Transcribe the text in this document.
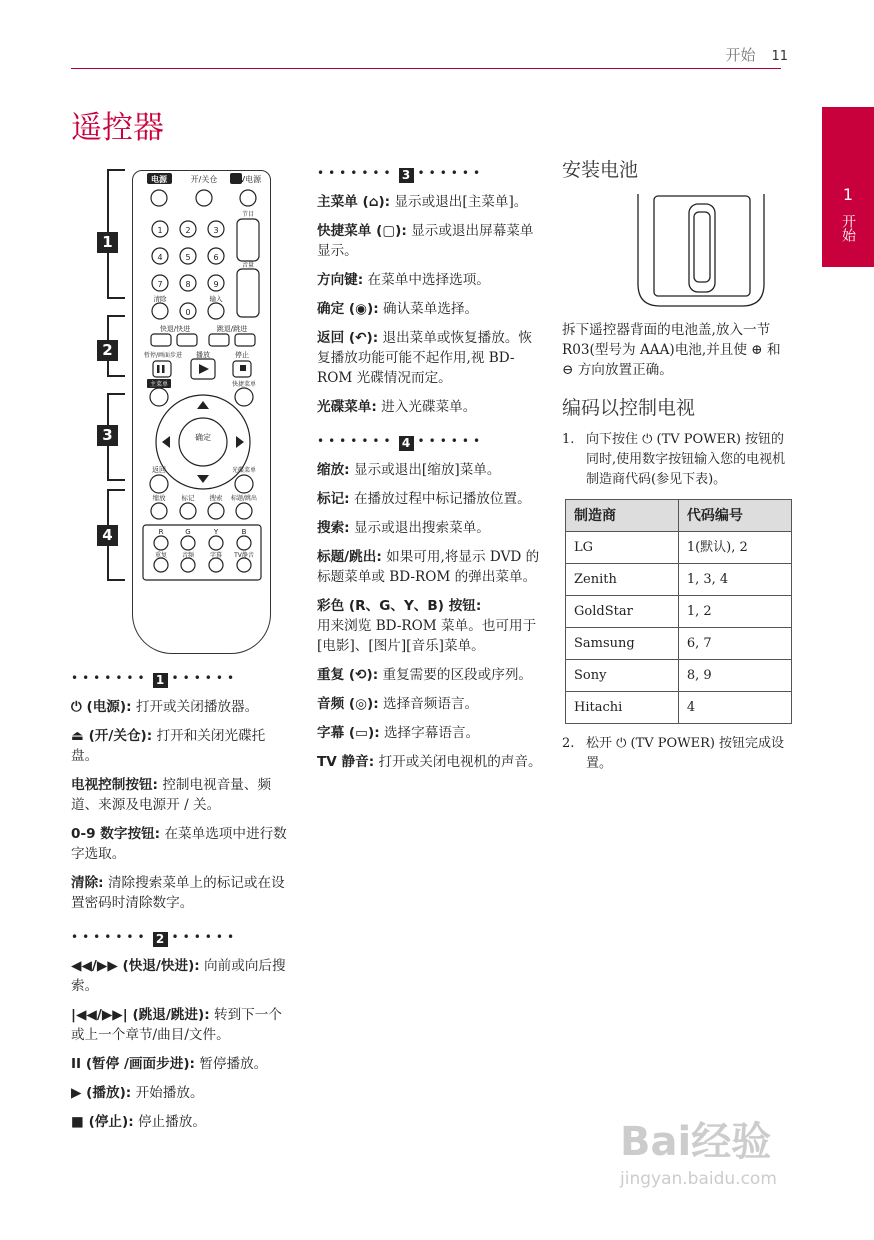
开始 11
遥控器
1
开始
1
2
3
4
电源	开/关仓 TV电源
节目
音量
1	2	3
4	5	6
7	8	9
0
清除	输入
快退/快进	跳退/跳进
暂停/画面步进 播放	停止
主菜单	快捷菜单
确定
返回	光碟菜单
缩放 标记 搜索 标题/跳出
R	G	Y	B
重复 音频	字幕 TV静音
••••••• 1 ••••••

⏻ (电源): 打开或关闭播放器。

⏏ (开/关仓): 打开和关闭光碟托盘。

电视控制按钮: 控制电视音量、频道、来源及电源开 / 关。

0-9 数字按钮: 在菜单选项中进行数字选取。

清除: 清除搜索菜单上的标记或在设置密码时清除数字。

••••••• 2 ••••••

◀◀/▶▶ (快退/快进): 向前或向后搜索。

|◀◀/▶▶| (跳退/跳进): 转到下一个或上一个章节/曲目/文件。

II (暂停 /画面步进): 暂停播放。

▶ (播放): 开始播放。

■ (停止): 停止播放。

••••••• 3 ••••••

主菜单 (⌂): 显示或退出[主菜单]。

快捷菜单 (▢): 显示或退出屏幕菜单显示。

方向键: 在菜单中选择选项。

确定 (◉): 确认菜单选择。

返回 (↶): 退出菜单或恢复播放。恢复播放功能可能不起作用,视 BD-ROM 光碟情况而定。

光碟菜单: 进入光碟菜单。

••••••• 4 ••••••

缩放: 显示或退出[缩放]菜单。

标记: 在播放过程中标记播放位置。

搜索: 显示或退出搜索菜单。

标题/跳出: 如果可用,将显示 DVD 的标题菜单或 BD-ROM 的弹出菜单。

彩色 (R、G、Y、B) 按钮:
用来浏览 BD-ROM 菜单。也可用于[电影]、[图片][音乐]菜单。

重复 (⟲): 重复需要的区段或序列。

音频 (◎): 选择音频语言。

字幕 (▭): 选择字幕语言。

TV 静音: 打开或关闭电视机的声音。

安装电池

拆下遥控器背面的电池盖,放入一节 R03(型号为 AAA)电池,并且使 ⊕ 和 ⊖ 方向放置正确。

编码以控制电视

1. 向下按住 ⏻ (TV POWER) 按钮的同时,使用数字按钮输入您的电视机制造商代码(参见下表)。

制造商	代码编号
LG	1(默认), 2
Zenith	1, 3, 4
GoldStar	1, 2
Samsung	6, 7
Sony	8, 9
Hitachi	4

2. 松开 ⏻ (TV POWER) 按钮完成设置。

Bai经验
jingyan.baidu.com
